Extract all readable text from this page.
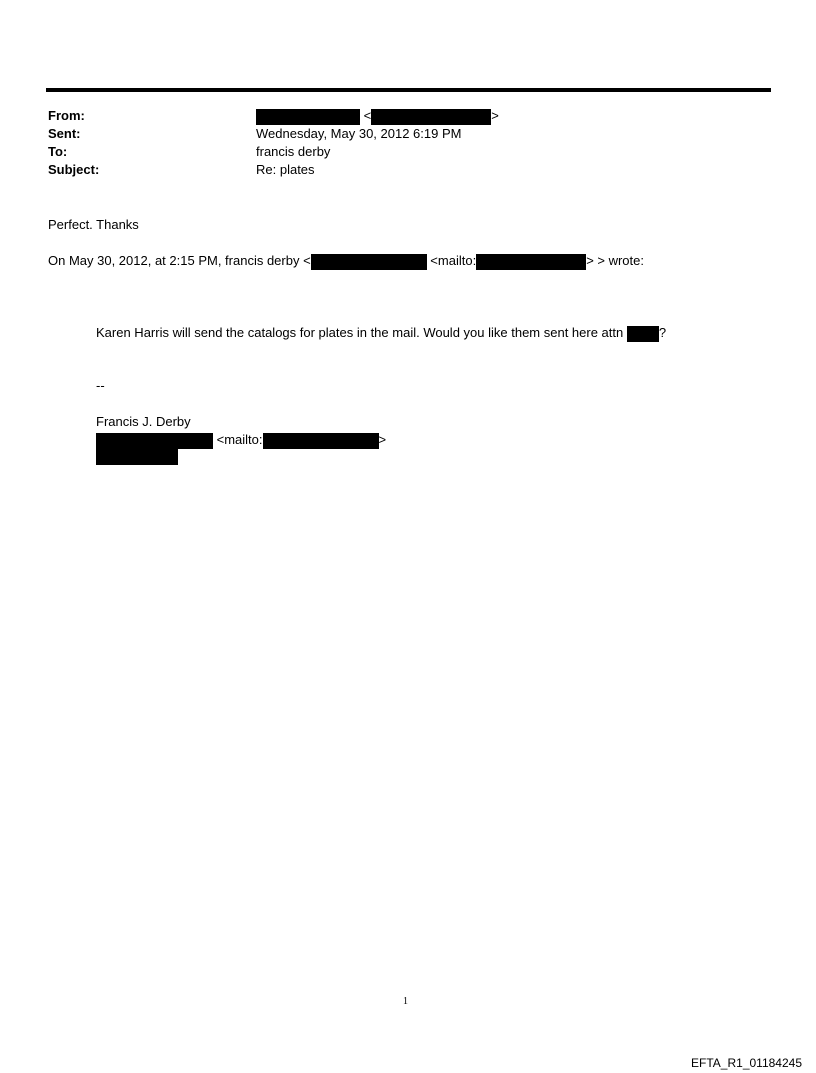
From:	<	>
Sent:	Wednesday, May 30, 2012 6:19 PM
To:	francis derby
Subject:	Re: plates
Perfect. Thanks
On May 30, 2012, at 2:15 PM, francis derby <	<mailto:	> > wrote:
Karen Harris will send the catalogs for plates in the mail. Would you like them sent here attn	?
--
Francis J. Derby
<mailto:	>
1
EFTA_R1_01184245
